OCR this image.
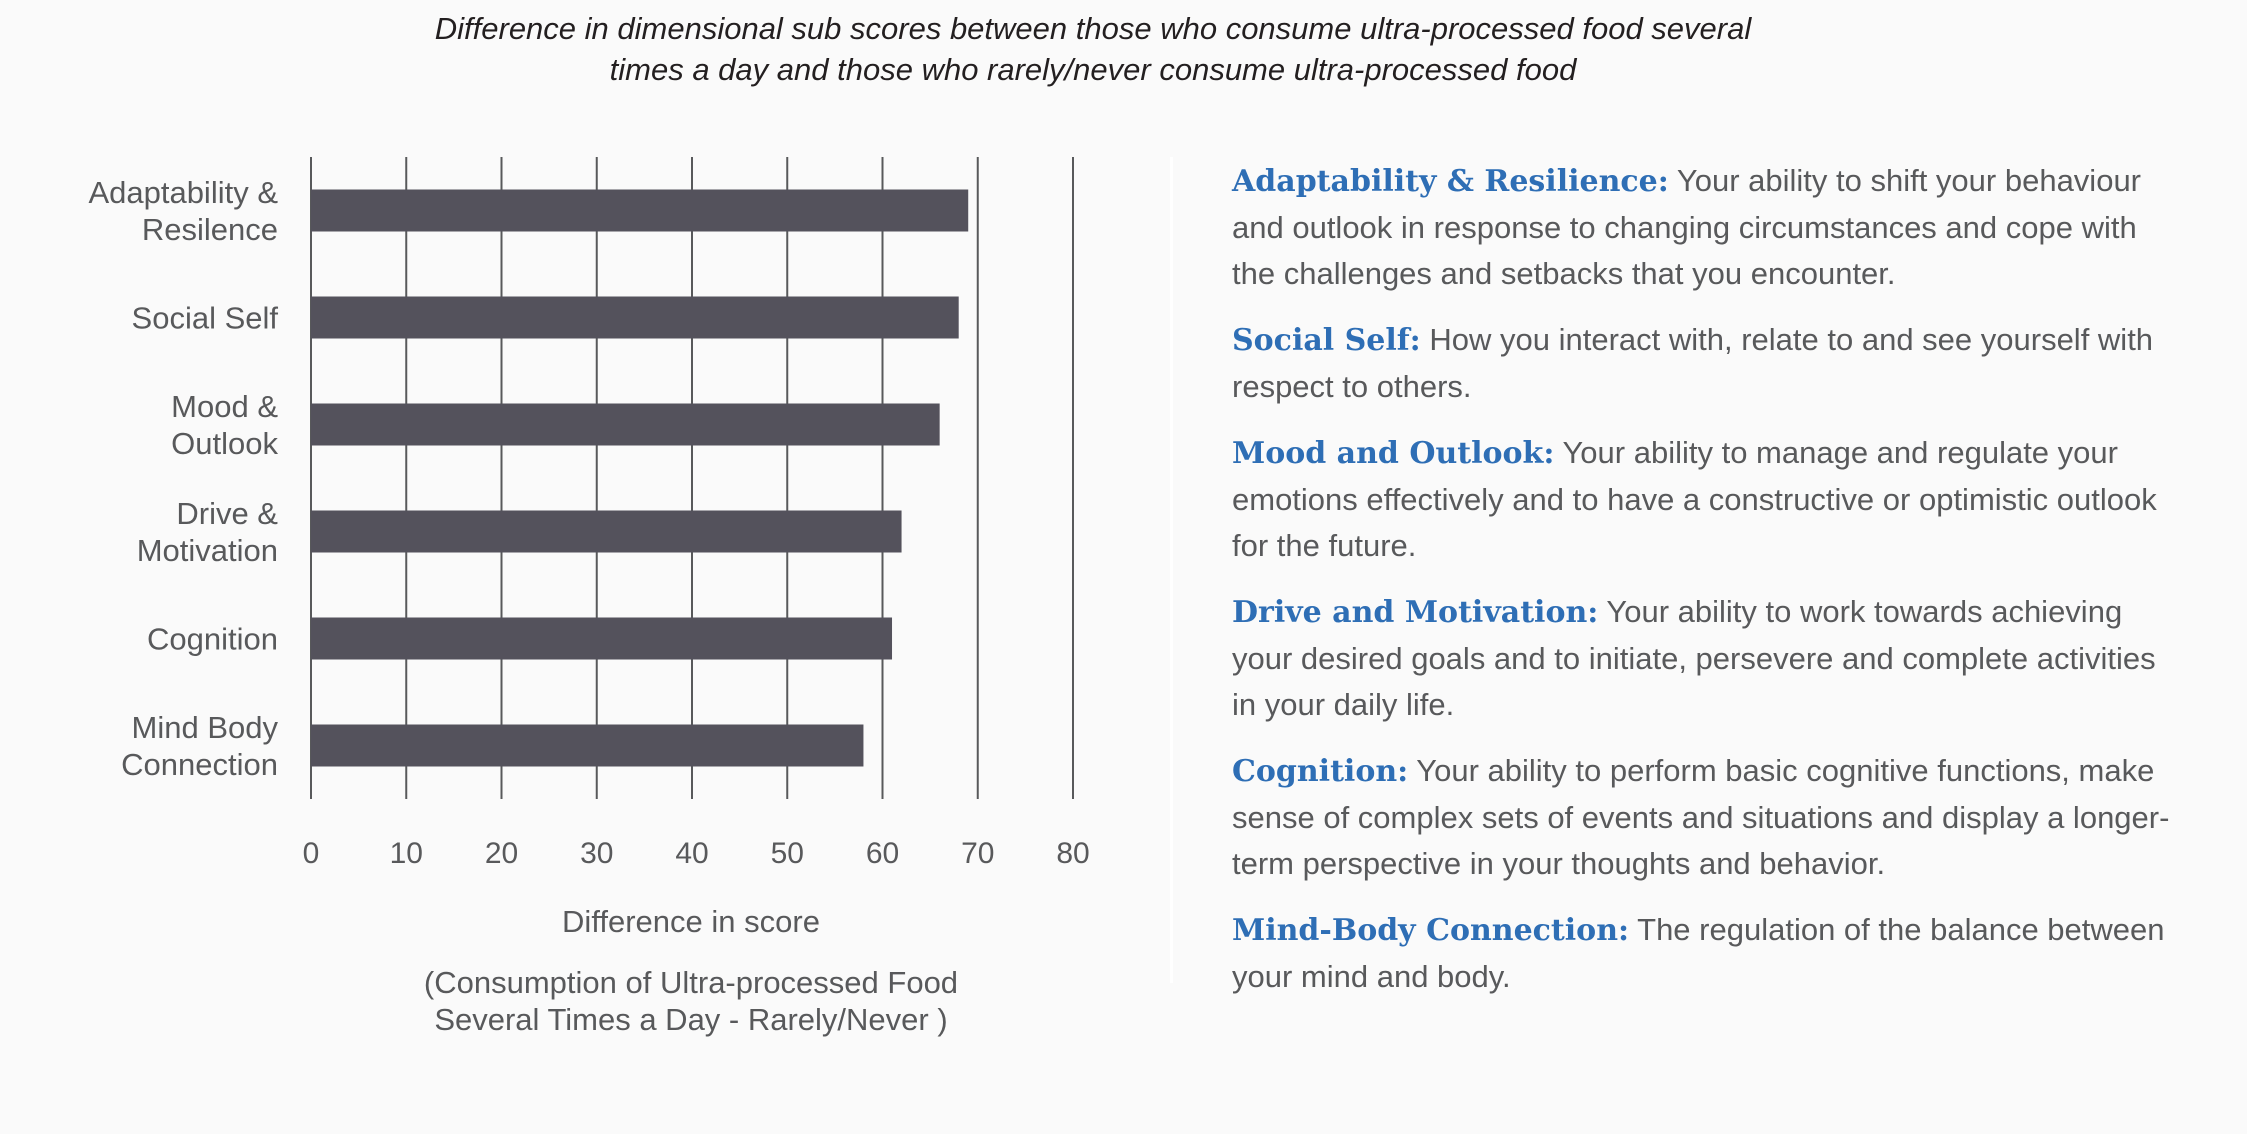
Difference in dimensional sub scores between those who consume ultra-processed food several
times a day and those who rarely/never consume ultra-processed food
Adaptability &
Resilence
Social Self
Mood &
Outlook
Drive &
Motivation
Cognition
Mind Body
Connection
0 10 20 30 40 50 60 70 80
Difference in score
(Consumption of Ultra-processed Food
Several Times a Day - Rarely/Never )

Adaptability & Resilience: Your ability to shift your behaviour and outlook in response to changing circumstances and cope with the challenges and setbacks that you encounter.

Social Self: How you interact with, relate to and see yourself with respect to others.

Mood and Outlook: Your ability to manage and regulate your emotions effectively and to have a constructive or optimistic outlook for the future.

Drive and Motivation: Your ability to work towards achieving your desired goals and to initiate, persevere and complete activities in your daily life.

Cognition: Your ability to perform basic cognitive functions, make sense of complex sets of events and situations and display a longer-term perspective in your thoughts and behavior.

Mind-Body Connection: The regulation of the balance between your mind and body.
